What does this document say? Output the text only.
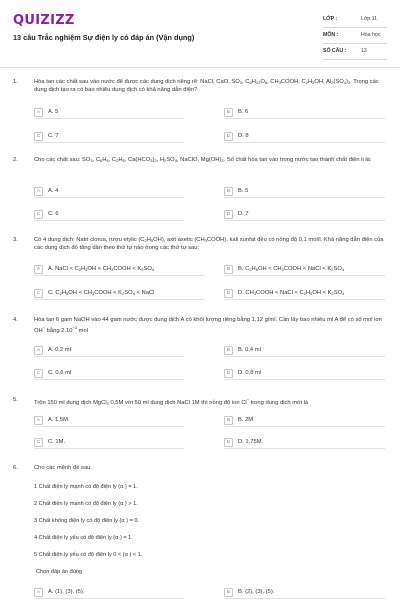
QUIZIZZ
13 câu Trắc nghiệm Sự điện ly có đáp án (Vận dụng)
LỚP :	Lớp 11
MÔN :	Hóa học
SỐ CÂU :	13
1.	Hòa tan các chất sau vào nước để được các dung dịch riêng rẽ: NaCl, CaO, $SO_3$, $C_6H_{12}O_6$, $CH_3COOH$, $C_2H_5OH$, $Al_2(SO_4)_3$. Trong các dung dịch tạo ra có bao nhiêu dung dịch có khả năng dẫn điện?
A	A. 5	B	B. 6
C	C. 7	D	D. 8
2.	Cho các chất sau: $SO_3$, $C_6H_6$, $C_2H_6$, $Ca(HCO_3)_2$, $H_2SO_4$, NaClO, $Mg(OH)_2$. Số chất hòa tan vào trong nước tạo thành chất điện li là:
A	A. 4	B	B. 5
C	C. 6	D	D. 7
3.	Có 4 dung dịch: Natri clorua, rượu etylic $(C_2H_5OH)$, axit axetic $(CH_3COOH)$, kali sunfat đều có nồng độ 0,1 mol/l. Khả năng dẫn điện của các dung dịch đó tăng dần theo thứ tự nào trong các thứ tự sau:
A	A. NaCl < $C_2H_5OH$ < $CH_3COOH < K_2SO_4$	B	B. $C_2H_5OH$ < $CH_3COOH$ < NaCl < $K_2SO_4$
C	C. $C_2H_5OH$ < $CH_3COOH < K_2SO_4$ < NaCl	D	D. $CH_3COOH$ < NaCl < $C_2H_5OH < K_2SO_4$
4.	Hòa tan 6 gam NaOH vào 44 gam nước được dung dịch A có khối lượng riêng bằng 1,12 g/ml. Cần lấy bao nhiêu ml A để có số mol ion OH− bằng $2.10^{-3}$ mol
A	A. 0,2 ml	B	B. 0,4 ml
C	C. 0,6 ml	D	D. 0,8 ml
5.	Trộn 150 ml dung dịch MgCl$_2$ 0,5M với 50 ml dung dịch NaCl 1M thì nồng độ ion Cl− trong dung dịch mới là
A	A. 1,5M.	B	B. 2M.
C	C. 1M.	D	D. 1,75M.
6.	Cho các mệnh đề sau
1 Chất điện ly mạnh có độ điện ly (α ) = 1.
2 Chất điện ly mạnh có độ điện ly (α ) > 1.
3 Chất không điện ly có độ điện ly (α ) = 0.
4 Chất điện ly yếu có độ điện ly (α ) = 1.
5 Chất điện ly yếu có độ điện ly 0 < (α ) < 1.
Chọn đáp án đúng
A	A. (1), (3), (5).	B	B. (2), (3), (5).
